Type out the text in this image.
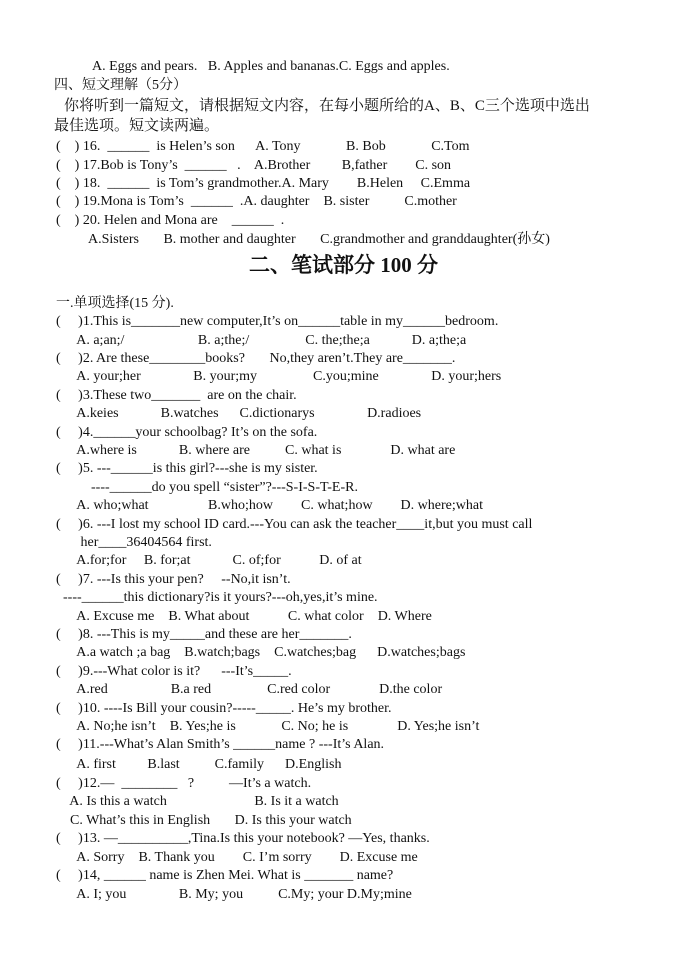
A. Eggs and pears.   B. Apples and bananas.C. Eggs and apples.
四、短文理解（5分）
你将听到一篇短文，请根据短文内容，在每小题所给的A、B、C三个选项中选出
最佳选项。短文读两遍。
(    ) 16.  ______  is Helen’s son      A. Tony             B. Bob             C.Tom
(    ) 17.Bob is Tony’s  ______   .    A.Brother         B,father        C. son
(    ) 18.  ______  is Tom’s grandmother.A. Mary        B.Helen     C.Emma
(    ) 19.Mona is Tom’s  ______  .A. daughter    B. sister          C.mother
(    ) 20. Helen and Mona are    ______  .
A.Sisters       B. mother and daughter       C.grandmother and granddaughter(孙女)
二、笔试部分 100 分
一.单项选择(15 分).
(     )1.This is_______new computer,It’s on______table in my______bedroom.
A. a;an;/                     B. a;the;/                C. the;the;a            D. a;the;a
(     )2. Are these________books?       No,they aren’t.They are_______.
A. your;her               B. your;my                C.you;mine               D. your;hers
(     )3.These two_______  are on the chair.
A.keies            B.watches      C.dictionarys               D.radioes
(     )4.______your schoolbag? It’s on the sofa.
A.where is            B. where are          C. what is              D. what are
(     )5. ---______is this girl?---she is my sister.
----______do you spell “sister”?---S-I-S-T-E-R.
A. who;what                 B.who;how        C. what;how        D. where;what
(     )6. ---I lost my school ID card.---You can ask the teacher____it,but you must call
her____36404564 first.
A.for;for     B. for;at            C. of;for           D. of at
(     )7. ---Is this your pen?     --No,it isn’t.
----______this dictionary?is it yours?---oh,yes,it’s mine.
A. Excuse me    B. What about           C. what color    D. Where
(     )8. ---This is my_____and these are her_______.
A.a watch ;a bag    B.watch;bags    C.watches;bag      D.watches;bags
(     )9.---What color is it?      ---It’s_____.
A.red                  B.a red                C.red color              D.the color
(     )10. ----Is Bill your cousin?-----_____. He’s my brother.
A. No;he isn’t    B. Yes;he is             C. No; he is              D. Yes;he isn’t
(     )11.---What’s Alan Smith’s ______name ? ---It’s Alan.
A. first         B.last          C.family      D.English
(     )12.—  ________   ?          —It’s a watch.
A. Is this a watch                         B. Is it a watch
C. What’s this in English       D. Is this your watch
(     )13. —__________,Tina.Is this your notebook? —Yes, thanks.
A. Sorry    B. Thank you        C. I’m sorry        D. Excuse me
(     )14, ______ name is Zhen Mei. What is _______ name?
A. I; you               B. My; you          C.My; your D.My;mine
